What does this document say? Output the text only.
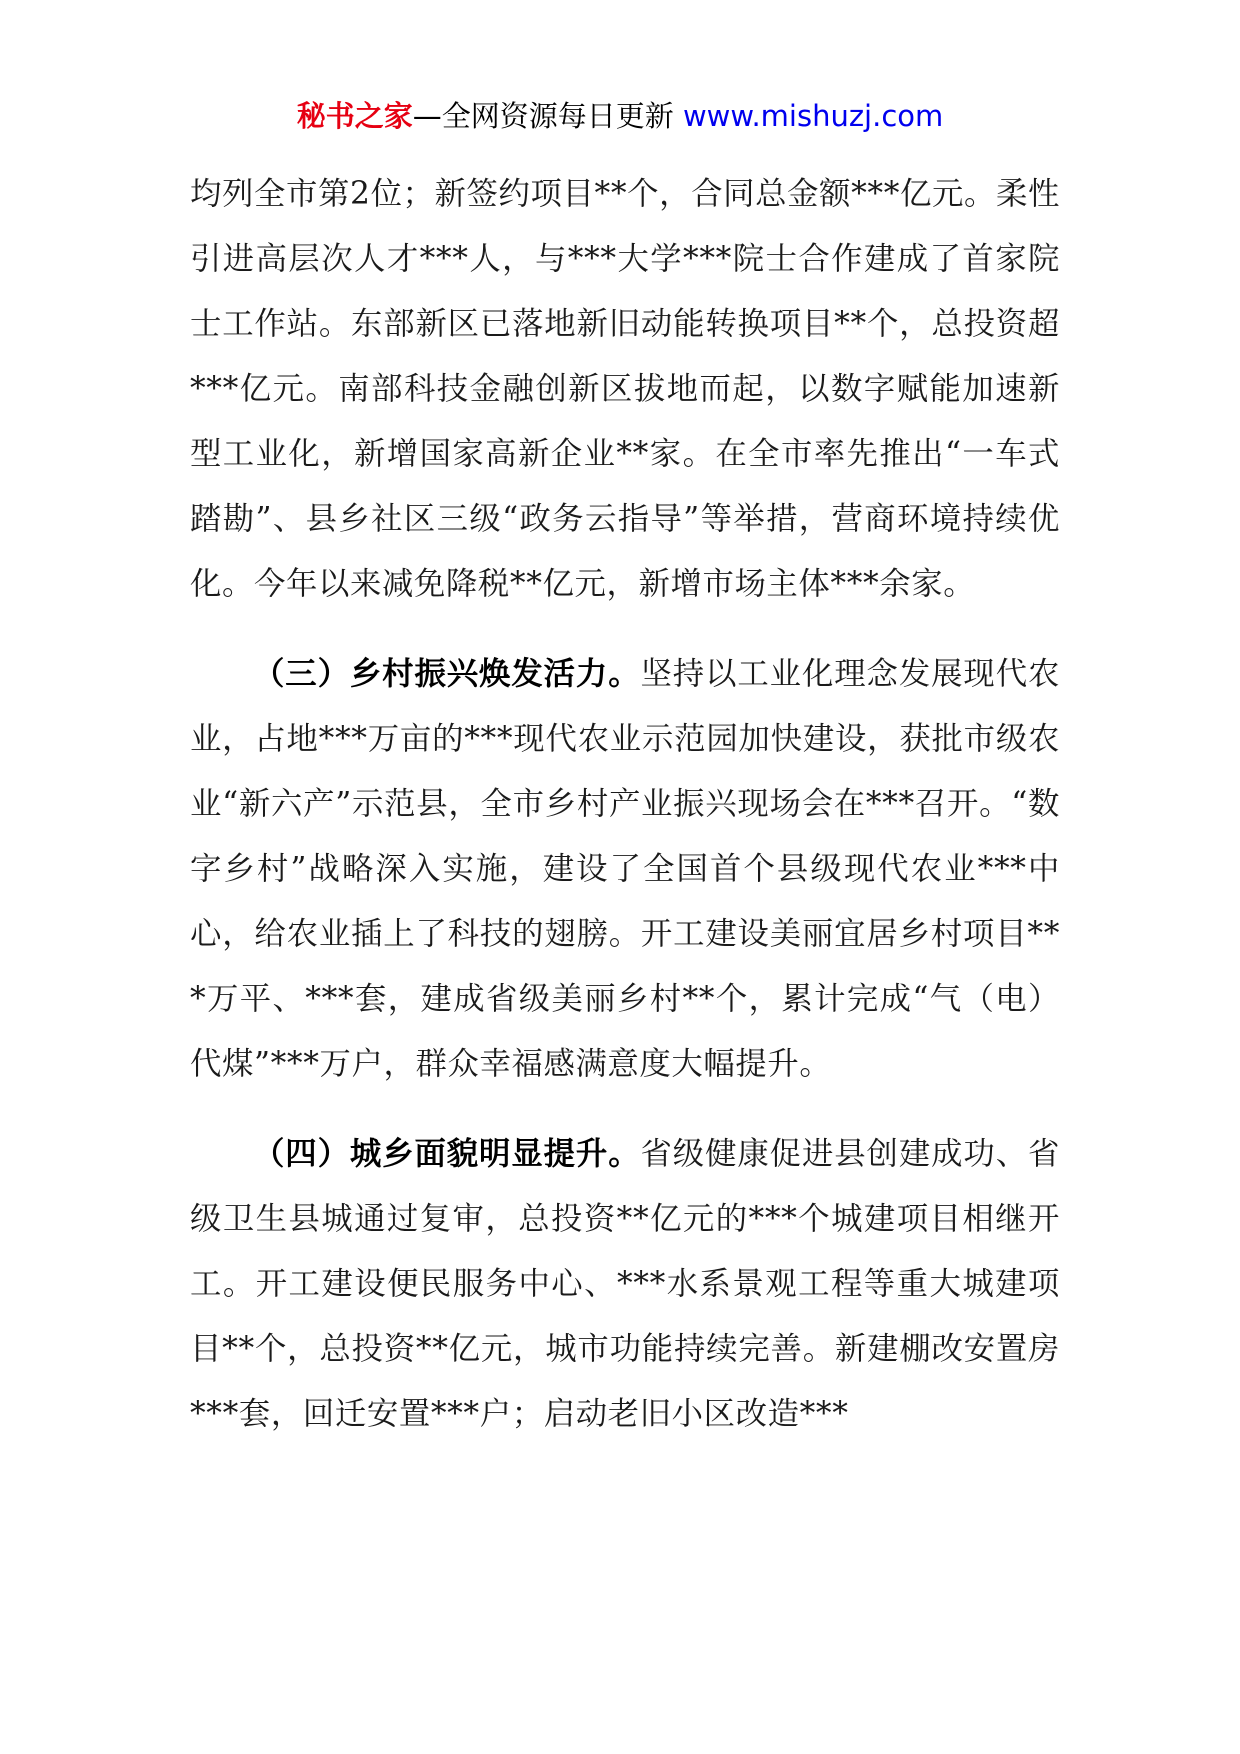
秘书之家—全网资源每日更新 www.mishuzj.com

均列全市第2位；新签约项目**个，合同总金额***亿元。柔性引进高层次人才***人，与***大学***院士合作建成了首家院士工作站。东部新区已落地新旧动能转换项目**个，总投资超***亿元。南部科技金融创新区拔地而起，以数字赋能加速新型工业化，新增国家高新企业**家。在全市率先推出“一车式踏勘”、县乡社区三级“政务云指导”等举措，营商环境持续优化。今年以来减免降税**亿元，新增市场主体***余家。

（三）乡村振兴焕发活力。坚持以工业化理念发展现代农业，占地***万亩的***现代农业示范园加快建设，获批市级农业“新六产”示范县，全市乡村产业振兴现场会在***召开。“数字乡村”战略深入实施，建设了全国首个县级现代农业***中心，给农业插上了科技的翅膀。开工建设美丽宜居乡村项目***万平、***套，建成省级美丽乡村**个，累计完成“气（电）代煤”***万户，群众幸福感满意度大幅提升。

（四）城乡面貌明显提升。省级健康促进县创建成功、省级卫生县城通过复审，总投资**亿元的***个城建项目相继开工。开工建设便民服务中心、***水系景观工程等重大城建项目**个，总投资**亿元，城市功能持续完善。新建棚改安置房***套，回迁安置***户；启动老旧小区改造***
